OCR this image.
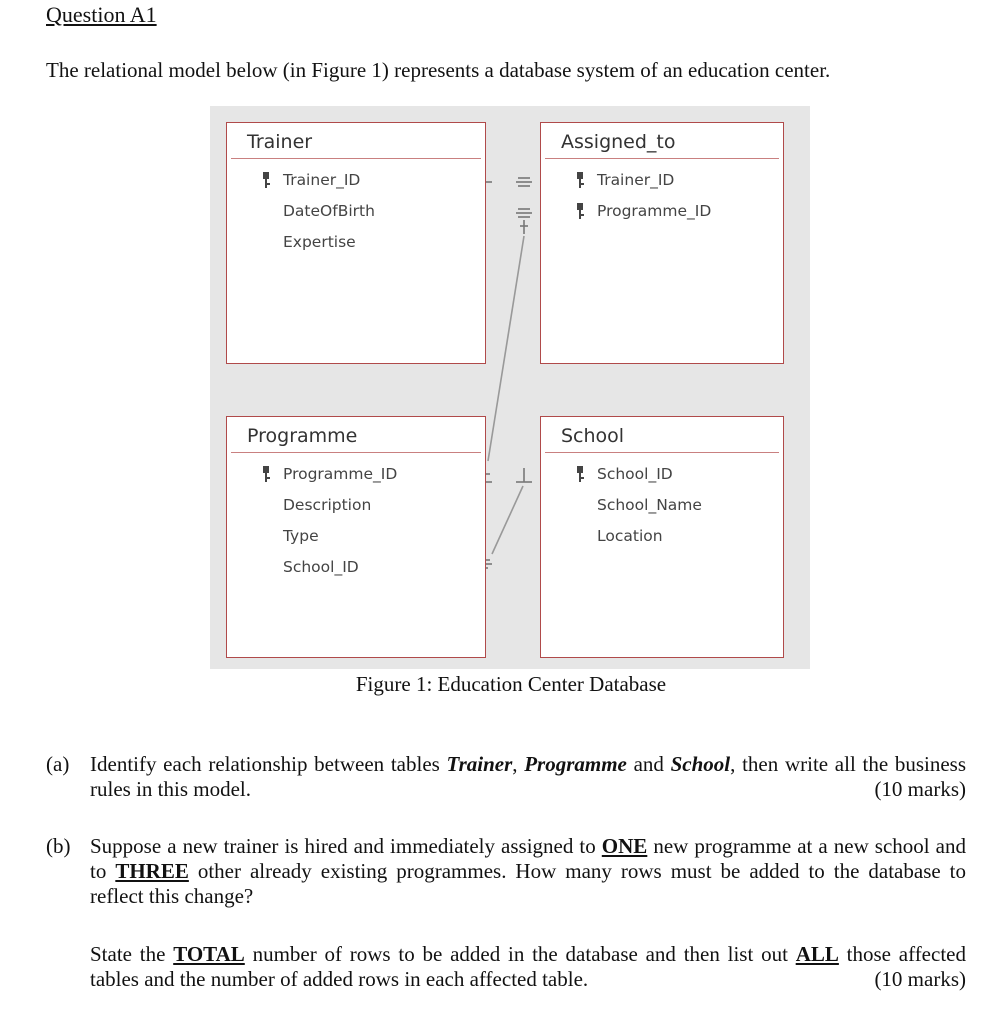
Question A1
The relational model below (in Figure 1) represents a database system of an education center.
Trainer
Trainer_ID
DateOfBirth
Expertise
Assigned_to
Trainer_ID
Programme_ID
Programme
Programme_ID
Description
Type
School_ID
School
School_ID
School_Name
Location
Figure 1: Education Center Database
(a) Identify each relationship between tables Trainer, Programme and School, then write all the business rules in this model.	(10 marks)
(b) Suppose a new trainer is hired and immediately assigned to ONE new programme at a new school and to THREE other already existing programmes. How many rows must be added to the database to reflect this change?
State the TOTAL number of rows to be added in the database and then list out ALL those affected tables and the number of added rows in each affected table.	(10 marks)
